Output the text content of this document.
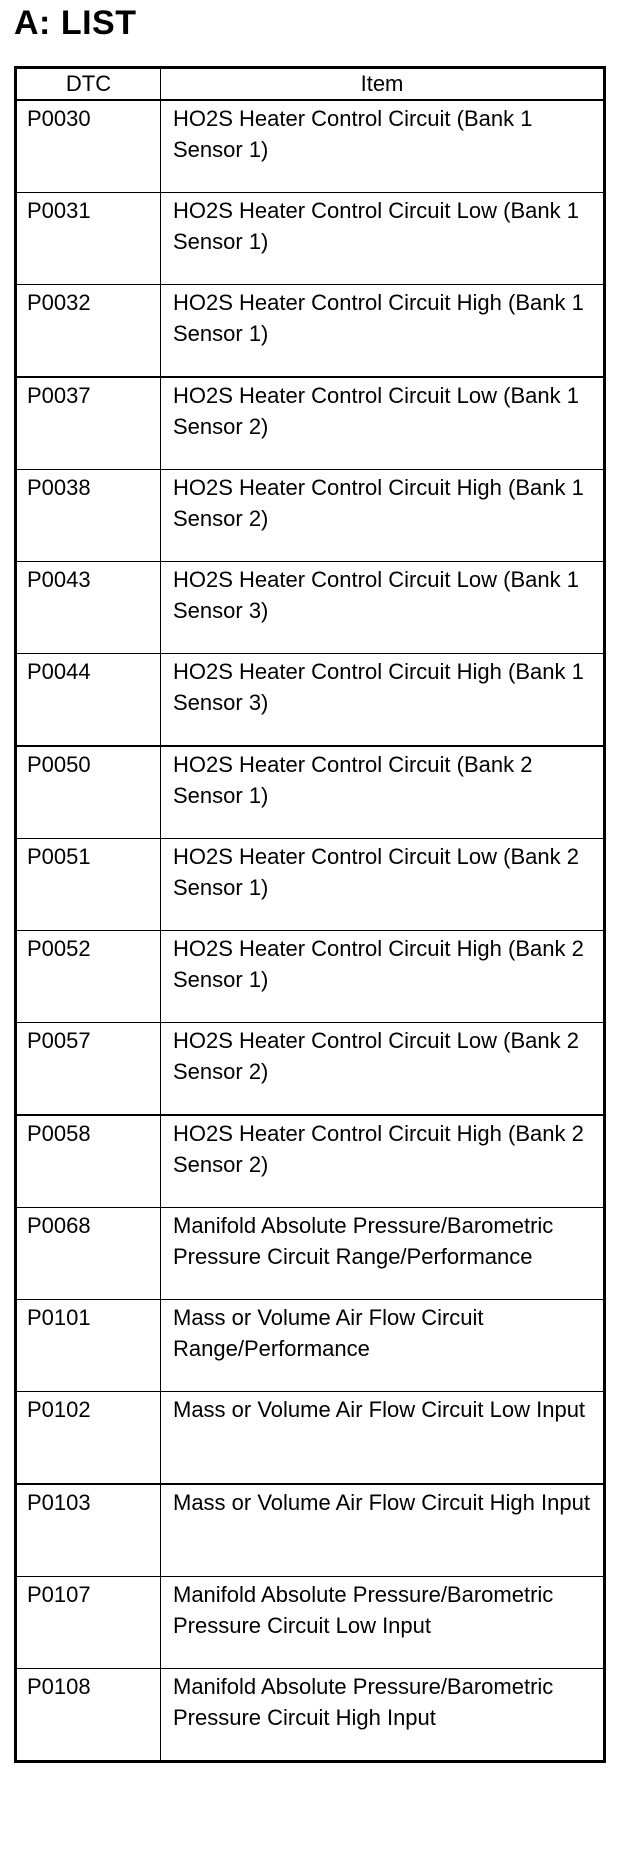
A: LIST
DTC	Item
P0030	HO2S Heater Control Circuit (Bank 1 Sensor 1)
P0031	HO2S Heater Control Circuit Low (Bank 1 Sensor 1)
P0032	HO2S Heater Control Circuit High (Bank 1 Sensor 1)
P0037	HO2S Heater Control Circuit Low (Bank 1 Sensor 2)
P0038	HO2S Heater Control Circuit High (Bank 1 Sensor 2)
P0043	HO2S Heater Control Circuit Low (Bank 1 Sensor 3)
P0044	HO2S Heater Control Circuit High (Bank 1 Sensor 3)
P0050	HO2S Heater Control Circuit (Bank 2 Sensor 1)
P0051	HO2S Heater Control Circuit Low (Bank 2 Sensor 1)
P0052	HO2S Heater Control Circuit High (Bank 2 Sensor 1)
P0057	HO2S Heater Control Circuit Low (Bank 2 Sensor 2)
P0058	HO2S Heater Control Circuit High (Bank 2 Sensor 2)
P0068	Manifold Absolute Pressure/Barometric Pressure Circuit Range/Performance
P0101	Mass or Volume Air Flow Circuit Range/Performance
P0102	Mass or Volume Air Flow Circuit Low Input
P0103	Mass or Volume Air Flow Circuit High Input
P0107	Manifold Absolute Pressure/Barometric Pressure Circuit Low Input
P0108	Manifold Absolute Pressure/Barometric Pressure Circuit High Input
